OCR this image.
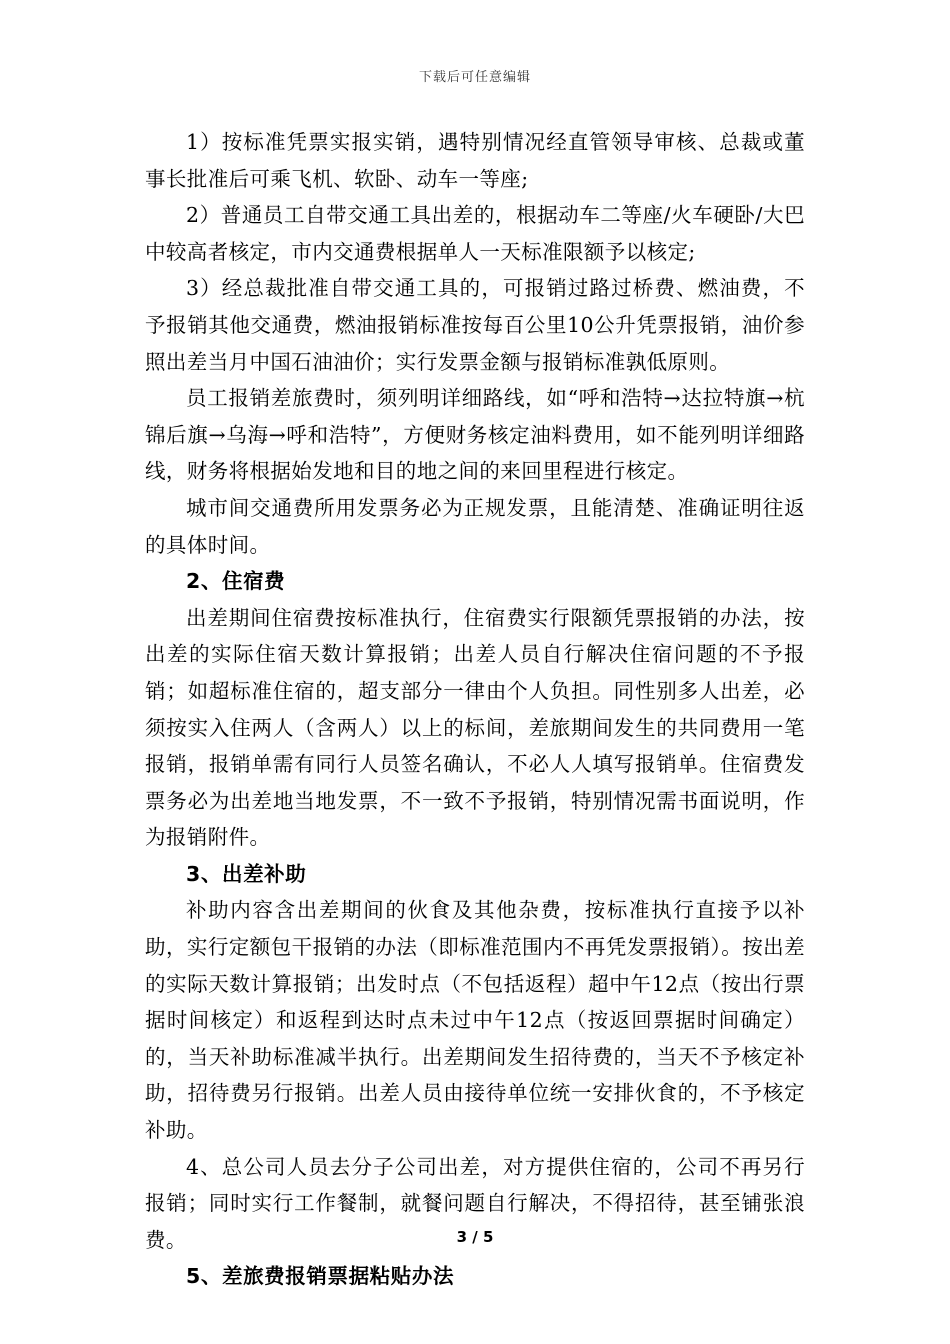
下载后可任意编辑

1）按标准凭票实报实销，遇特别情况经直管领导审核、总裁或董事长批准后可乘飞机、软卧、动车一等座;

2）普通员工自带交通工具出差的，根据动车二等座/火车硬卧/大巴中较高者核定，市内交通费根据单人一天标准限额予以核定;

3）经总裁批准自带交通工具的，可报销过路过桥费、燃油费，不予报销其他交通费，燃油报销标准按每百公里10公升凭票报销，油价参照出差当月中国石油油价；实行发票金额与报销标准孰低原则。

员工报销差旅费时，须列明详细路线，如“呼和浩特→达拉特旗→杭锦后旗→乌海→呼和浩特”，方便财务核定油料费用，如不能列明详细路线，财务将根据始发地和目的地之间的来回里程进行核定。

城市间交通费所用发票务必为正规发票，且能清楚、准确证明往返的具体时间。

2、住宿费

出差期间住宿费按标准执行，住宿费实行限额凭票报销的办法，按出差的实际住宿天数计算报销；出差人员自行解决住宿问题的不予报销；如超标准住宿的，超支部分一律由个人负担。同性别多人出差，必须按实入住两人（含两人）以上的标间，差旅期间发生的共同费用一笔报销，报销单需有同行人员签名确认，不必人人填写报销单。住宿费发票务必为出差地当地发票，不一致不予报销，特别情况需书面说明，作为报销附件。

3、出差补助

补助内容含出差期间的伙食及其他杂费，按标准执行直接予以补助，实行定额包干报销的办法（即标准范围内不再凭发票报销）。按出差的实际天数计算报销；出发时点（不包括返程）超中午12点（按出行票据时间核定）和返程到达时点未过中午12点（按返回票据时间确定）的，当天补助标准减半执行。出差期间发生招待费的，当天不予核定补助，招待费另行报销。出差人员由接待单位统一安排伙食的，不予核定补助。

4、总公司人员去分子公司出差，对方提供住宿的，公司不再另行报销；同时实行工作餐制，就餐问题自行解决，不得招待，甚至铺张浪费。

5、差旅费报销票据粘贴办法

3 / 5
